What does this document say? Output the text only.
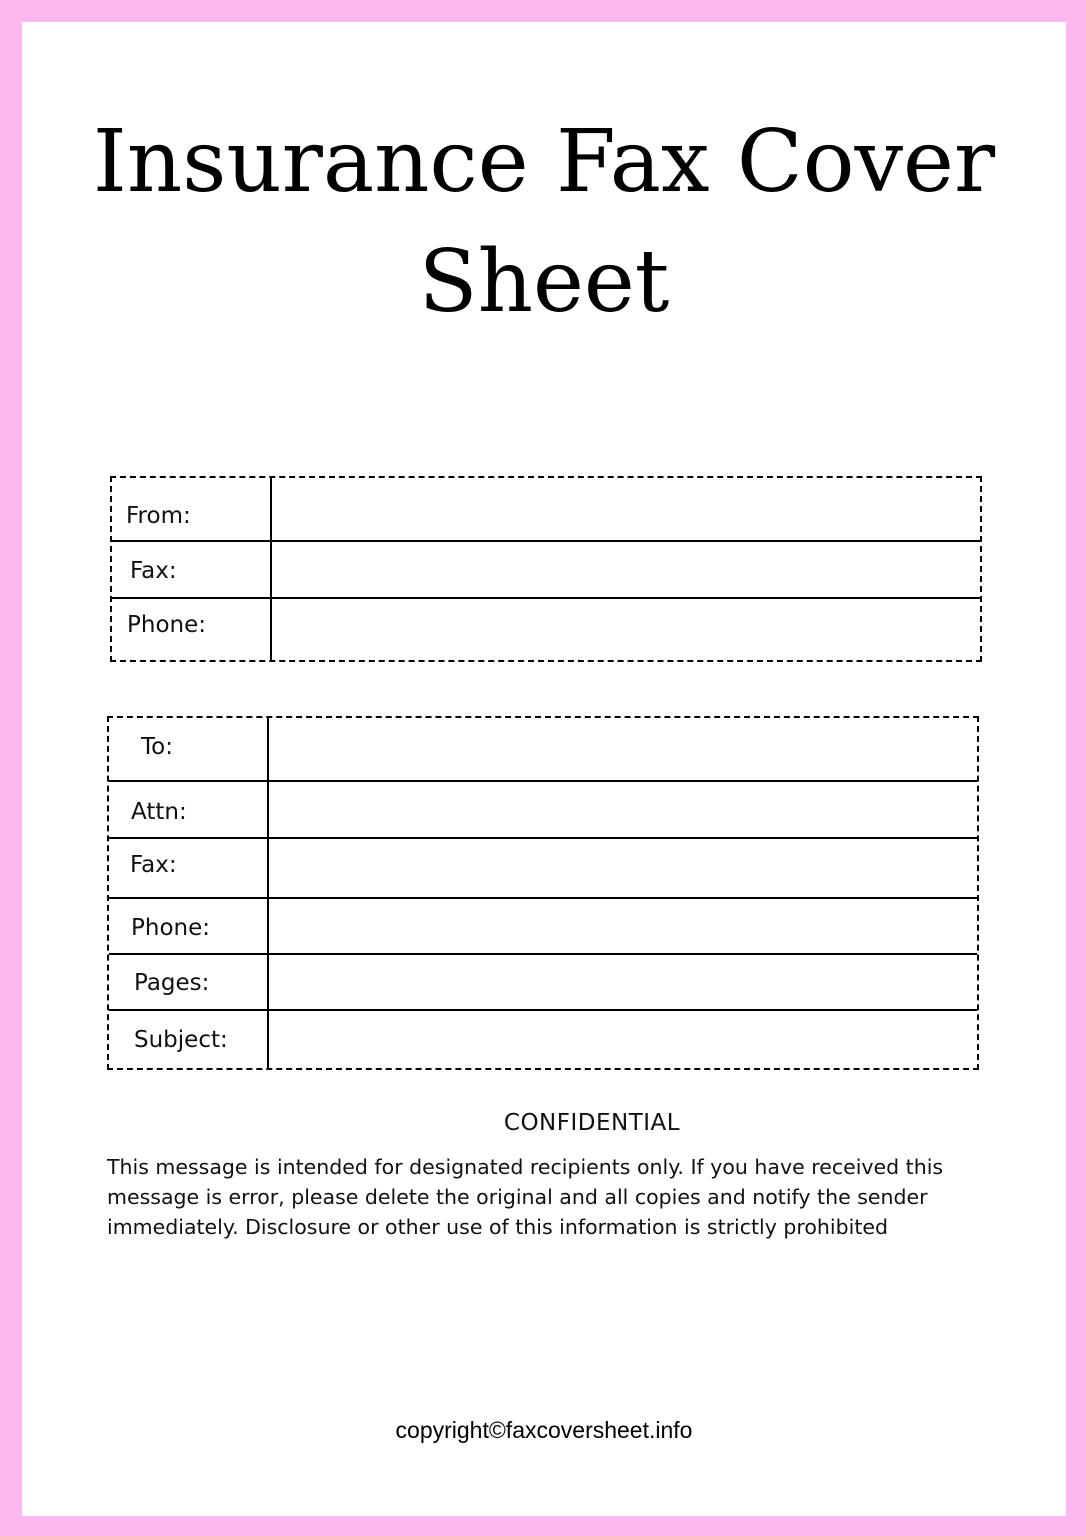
Insurance Fax Cover
Sheet
From:
Fax:
Phone:
To:
Attn:
Fax:
Phone:
Pages:
Subject:
CONFIDENTIAL

This message is intended for designated recipients only. If you have received this message is error, please delete the original and all copies and notify the sender immediately. Disclosure or other use of this information is strictly prohibited

copyright©faxcoversheet.info
